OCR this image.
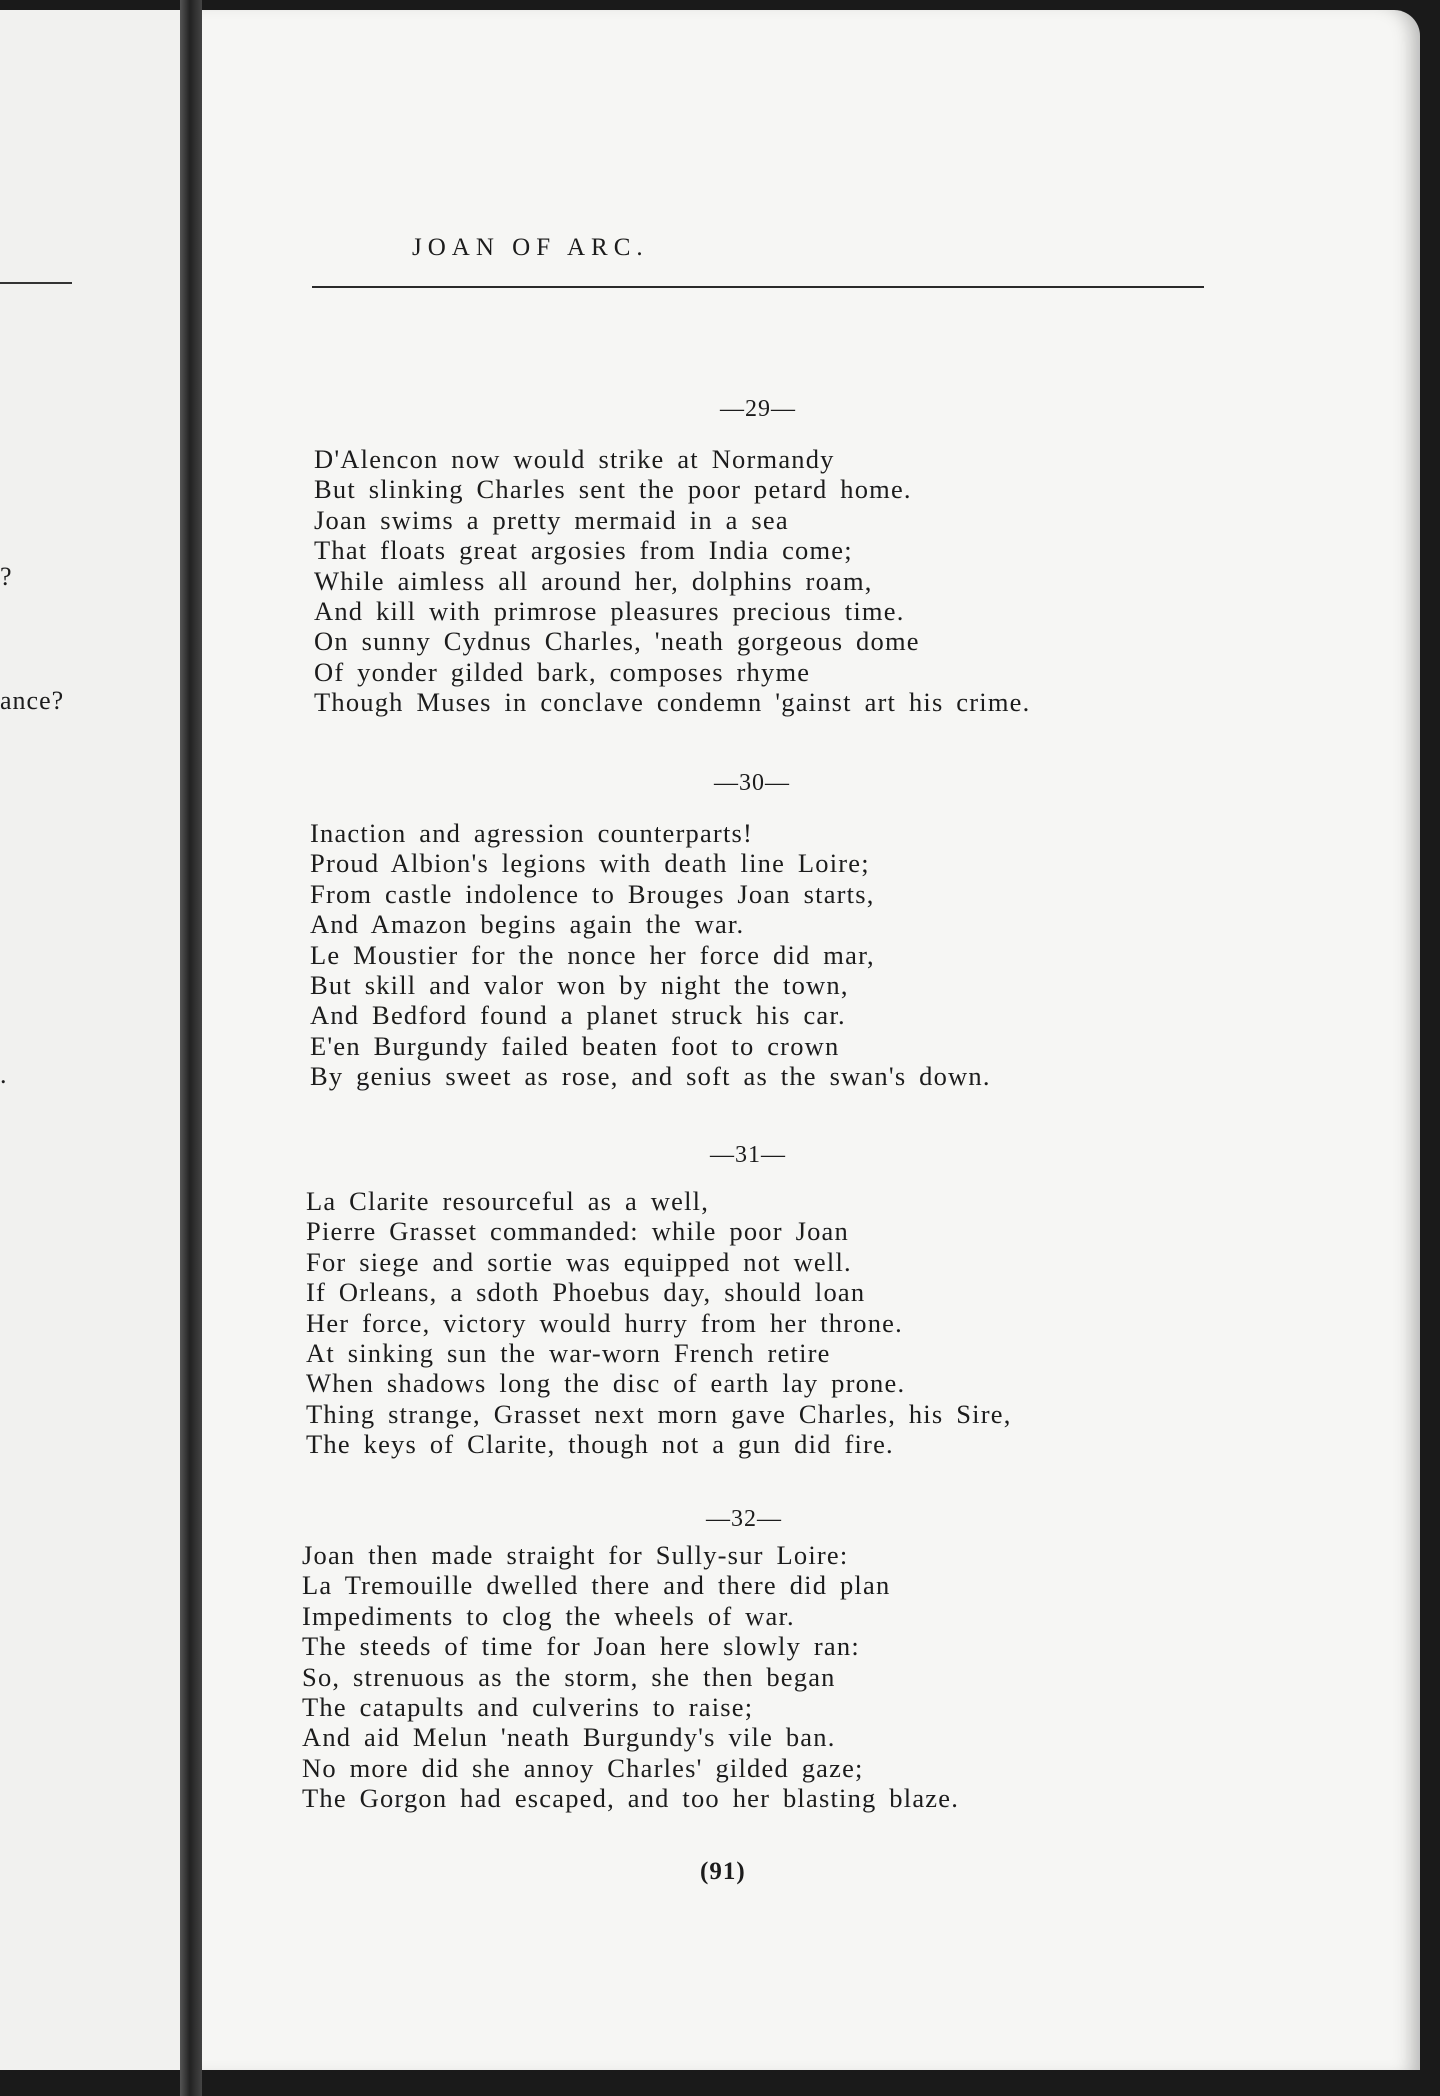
?
ance?
.
JOAN OF ARC.
—29—
D'Alencon now would strike at Normandy
But slinking Charles sent the poor petard home.
Joan swims a pretty mermaid in a sea
That floats great argosies from India come;
While aimless all around her, dolphins roam,
And kill with primrose pleasures precious time.
On sunny Cydnus Charles, 'neath gorgeous dome
Of yonder gilded bark, composes rhyme
Though Muses in conclave condemn 'gainst art his crime.
—30—
Inaction and agression counterparts!
Proud Albion's legions with death line Loire;
From castle indolence to Brouges Joan starts,
And Amazon begins again the war.
Le Moustier for the nonce her force did mar,
But skill and valor won by night the town,
And Bedford found a planet struck his car.
E'en Burgundy failed beaten foot to crown
By genius sweet as rose, and soft as the swan's down.
—31—
La Clarite resourceful as a well,
Pierre Grasset commanded: while poor Joan
For siege and sortie was equipped not well.
If Orleans, a sdoth Phoebus day, should loan
Her force, victory would hurry from her throne.
At sinking sun the war-worn French retire
When shadows long the disc of earth lay prone.
Thing strange, Grasset next morn gave Charles, his Sire,
The keys of Clarite, though not a gun did fire.
—32—
Joan then made straight for Sully-sur Loire:
La Tremouille dwelled there and there did plan
Impediments to clog the wheels of war.
The steeds of time for Joan here slowly ran:
So, strenuous as the storm, she then began
The catapults and culverins to raise;
And aid Melun 'neath Burgundy's vile ban.
No more did she annoy Charles' gilded gaze;
The Gorgon had escaped, and too her blasting blaze.
(91)
